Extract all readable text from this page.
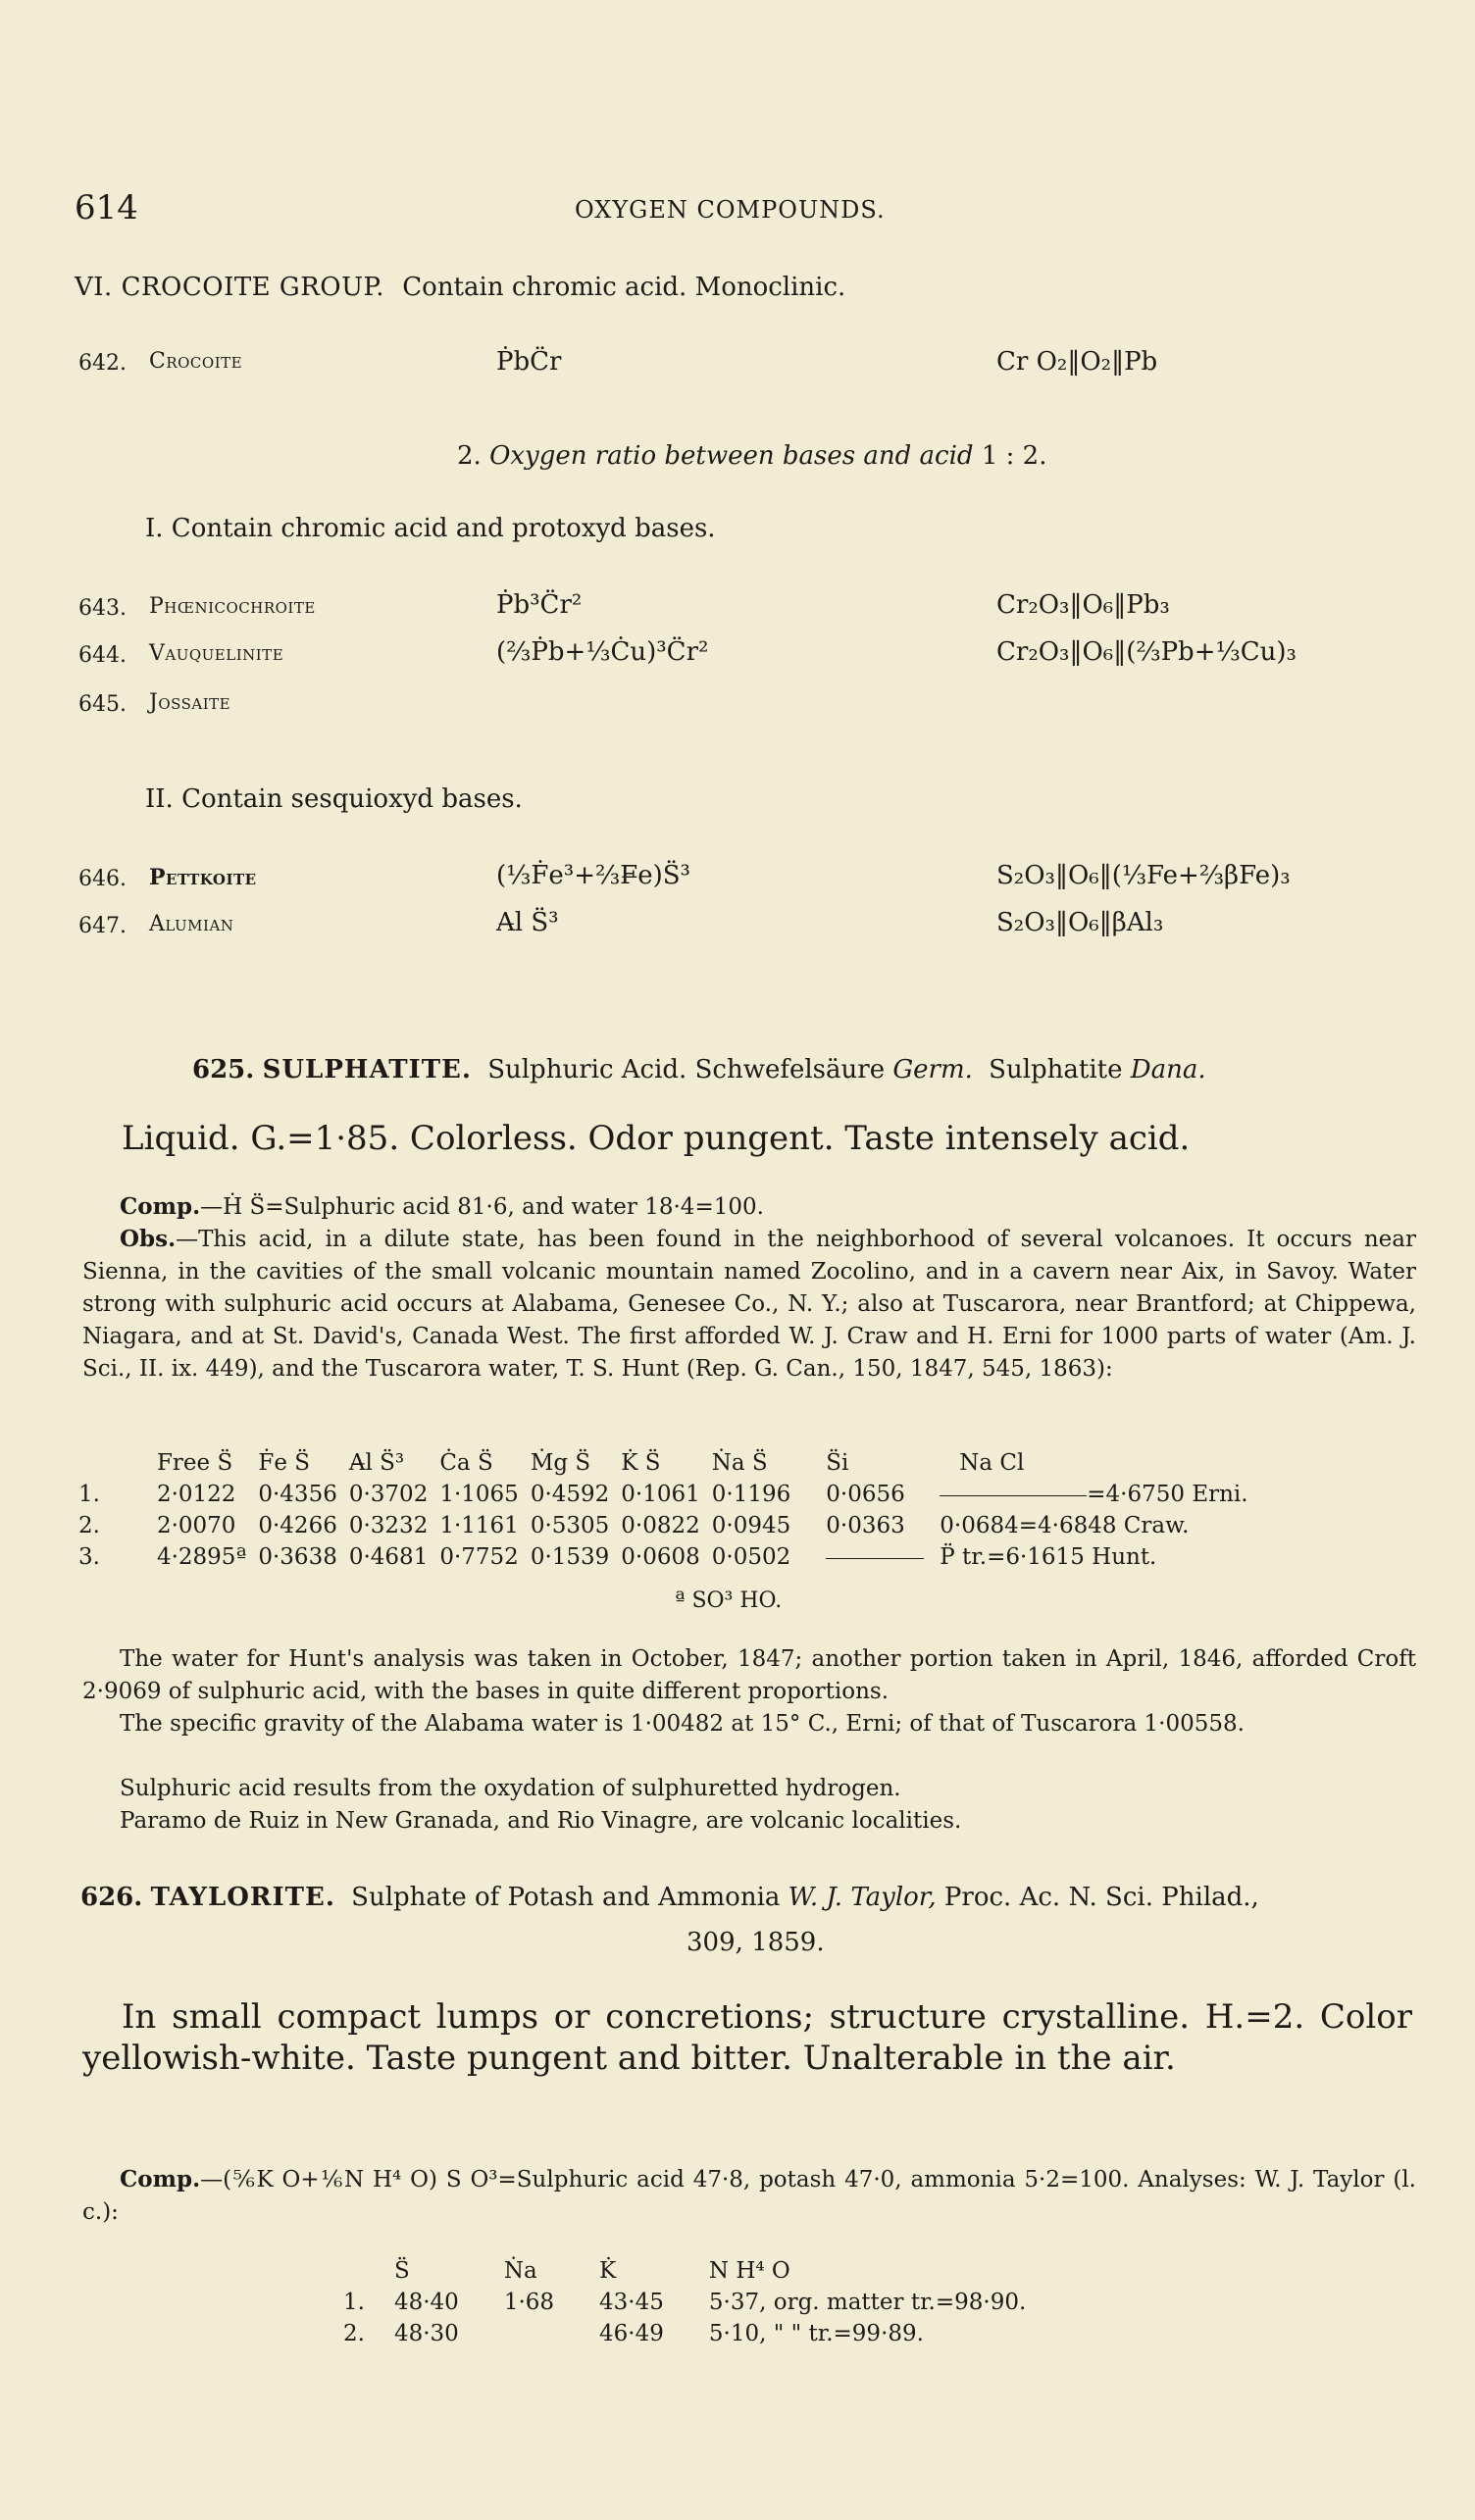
614	OXYGEN COMPOUNDS.
VI. CROCOITE GROUP. Contain chromic acid. Monoclinic.
642. Crocoite	ṖbC̈r	Cr O₂‖O₂‖Pb
2. Oxygen ratio between bases and acid 1 : 2.
I. Contain chromic acid and protoxyd bases.
643. Phœnicochroite	Ṗb³C̈r²	Cr₂O₃‖O₆‖Pb₃
644. Vauquelinite	(⅔Ṗb+⅓Ċu)³C̈r²	Cr₂O₃‖O₆‖(⅔Pb+⅓Cu)₃
645. Jossaite
II. Contain sesquioxyd bases.
646. Pettkoite	(⅓Ḟe³+⅔F̶e)S̈³	S₂O₃‖O₆‖(⅓Fe+⅔βFe)₃
647. Alumian	A̶l S̈³	S₂O₃‖O₆‖βAl₃
625. SULPHATITE. Sulphuric Acid. Schwefelsäure Germ. Sulphatite Dana.
Liquid. G.=1·85. Colorless. Odor pungent. Taste intensely acid.
Comp.—Ḣ S̈=Sulphuric acid 81·6, and water 18·4=100.
Obs.—This acid, in a dilute state, has been found in the neighborhood of several volcanoes. It occurs near Sienna, in the cavities of the small volcanic mountain named Zocolino, and in a cavern near Aix, in Savoy. Water strong with sulphuric acid occurs at Alabama, Genesee Co., N. Y.; also at Tuscarora, near Brantford; at Chippewa, Niagara, and at St. David's, Canada West. The first afforded W. J. Craw and H. Erni for 1000 parts of water (Am. J. Sci., II. ix. 449), and the Tuscarora water, T. S. Hunt (Rep. G. Can., 150, 1847, 545, 1863):
	Free S̈	Ḟe S̈	A̶l S̈³	Ċa S̈	Ṁg S̈	K̇ S̈	Ṅa S̈	S̈i	Na Cl
1.	2·0122	0·4356	0·3702	1·1065	0·4592	0·1061	0·1196	0·0656	=4·6750 Erni.
2.	2·0070	0·4266	0·3232	1·1161	0·5305	0·0822	0·0945	0·0363	0·0684=4·6848 Craw.
3.	4·2895ª	0·3638	0·4681	0·7752	0·1539	0·0608	0·0502		P̈ tr.=6·1615 Hunt.
ª SO³ HO.
The water for Hunt's analysis was taken in October, 1847; another portion taken in April, 1846, afforded Croft 2·9069 of sulphuric acid, with the bases in quite different proportions.
The specific gravity of the Alabama water is 1·00482 at 15° C., Erni; of that of Tuscarora 1·00558.
Sulphuric acid results from the oxydation of sulphuretted hydrogen.
Paramo de Ruiz in New Granada, and Rio Vinagre, are volcanic localities.
626. TAYLORITE. Sulphate of Potash and Ammonia W. J. Taylor, Proc. Ac. N. Sci. Philad.,
309, 1859.
In small compact lumps or concretions; structure crystalline. H.=2. Color yellowish-white. Taste pungent and bitter. Unalterable in the air.
Comp.—(⅚K O+⅙N H⁴ O) S O³=Sulphuric acid 47·8, potash 47·0, ammonia 5·2=100. Analyses: W. J. Taylor (l. c.):
	S̈	Ṅa	K̇	N H⁴ O
1.	48·40	1·68	43·45	5·37, org. matter tr.=98·90.
2.	48·30		46·49	5·10, " " tr.=99·89.
